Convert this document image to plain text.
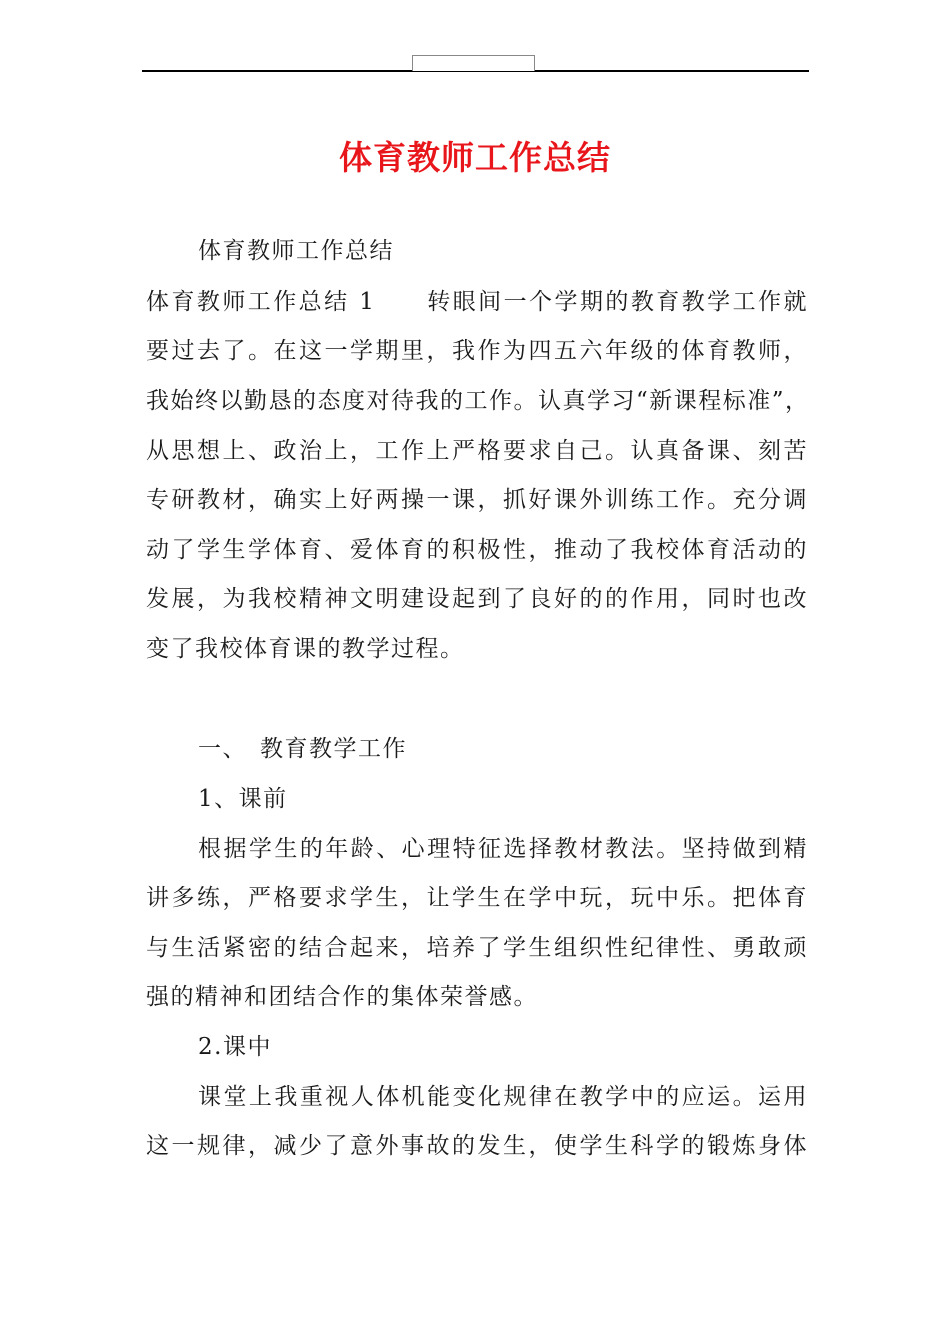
体育教师工作总结
体育教师工作总结
体育教师工作总结 1　　转眼间一个学期的教育教学工作就
要过去了。在这一学期里，我作为四五六年级的体育教师，
我始终以勤恳的态度对待我的工作。认真学习“新课程标准”，
从思想上、政治上，工作上严格要求自己。认真备课、刻苦
专研教材，确实上好两操一课，抓好课外训练工作。充分调
动了学生学体育、爱体育的积极性，推动了我校体育活动的
发展，为我校精神文明建设起到了良好的的作用，同时也改
变了我校体育课的教学过程。
一、　教育教学工作
1、课前
根据学生的年龄、心理特征选择教材教法。坚持做到精
讲多练，严格要求学生，让学生在学中玩，玩中乐。把体育
与生活紧密的结合起来，培养了学生组织性纪律性、勇敢顽
强的精神和团结合作的集体荣誉感。
2.课中
课堂上我重视人体机能变化规律在教学中的应运。运用
这一规律，减少了意外事故的发生，使学生科学的锻炼身体
